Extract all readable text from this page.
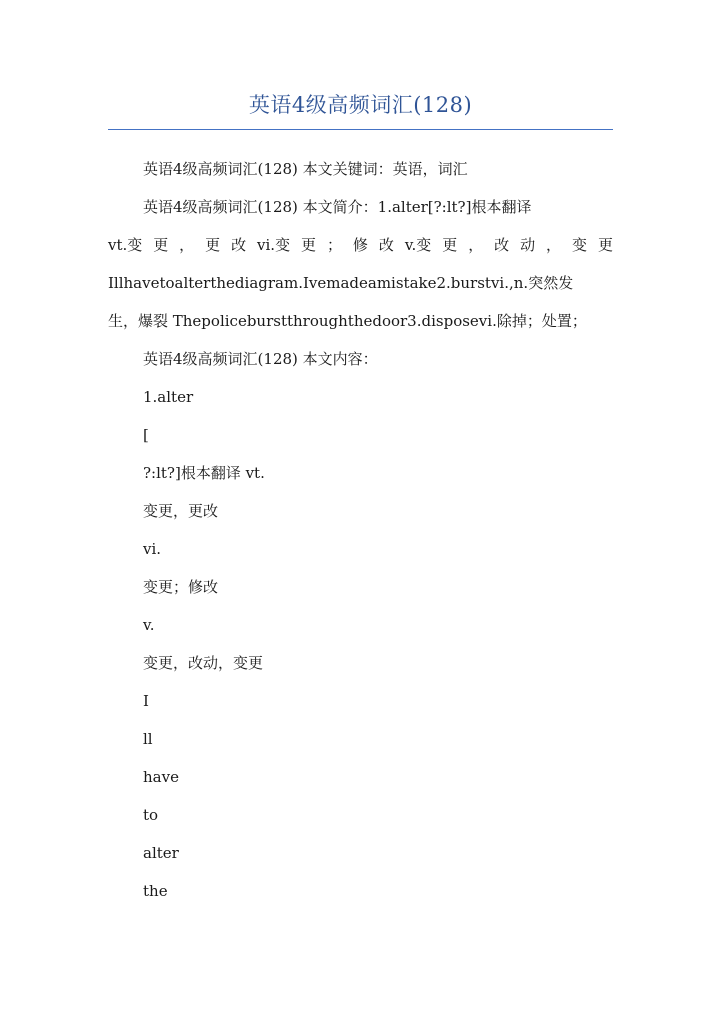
英语4级高频词汇(128)

英语4级高频词汇(128) 本文关键词：英语，词汇

英语4级高频词汇(128) 本文简介：1.alter[?:lt?]根本翻译

vt.变 更 ， 更 改 vi.变 更 ； 修 改 v.变 更 ， 改 动 ， 变 更
Illhavetoalterthediagram.Ivemadeamistake2.burstvi.,n.突然发
生，爆裂 Thepoliceburstthroughthedoor3.disposevi.除掉；处置；

英语4级高频词汇(128) 本文内容：

1.alter

[

?:lt?]根本翻译 vt.

变更，更改

vi.

变更；修改

v.

变更，改动，变更

I

ll

have

to

alter

the
